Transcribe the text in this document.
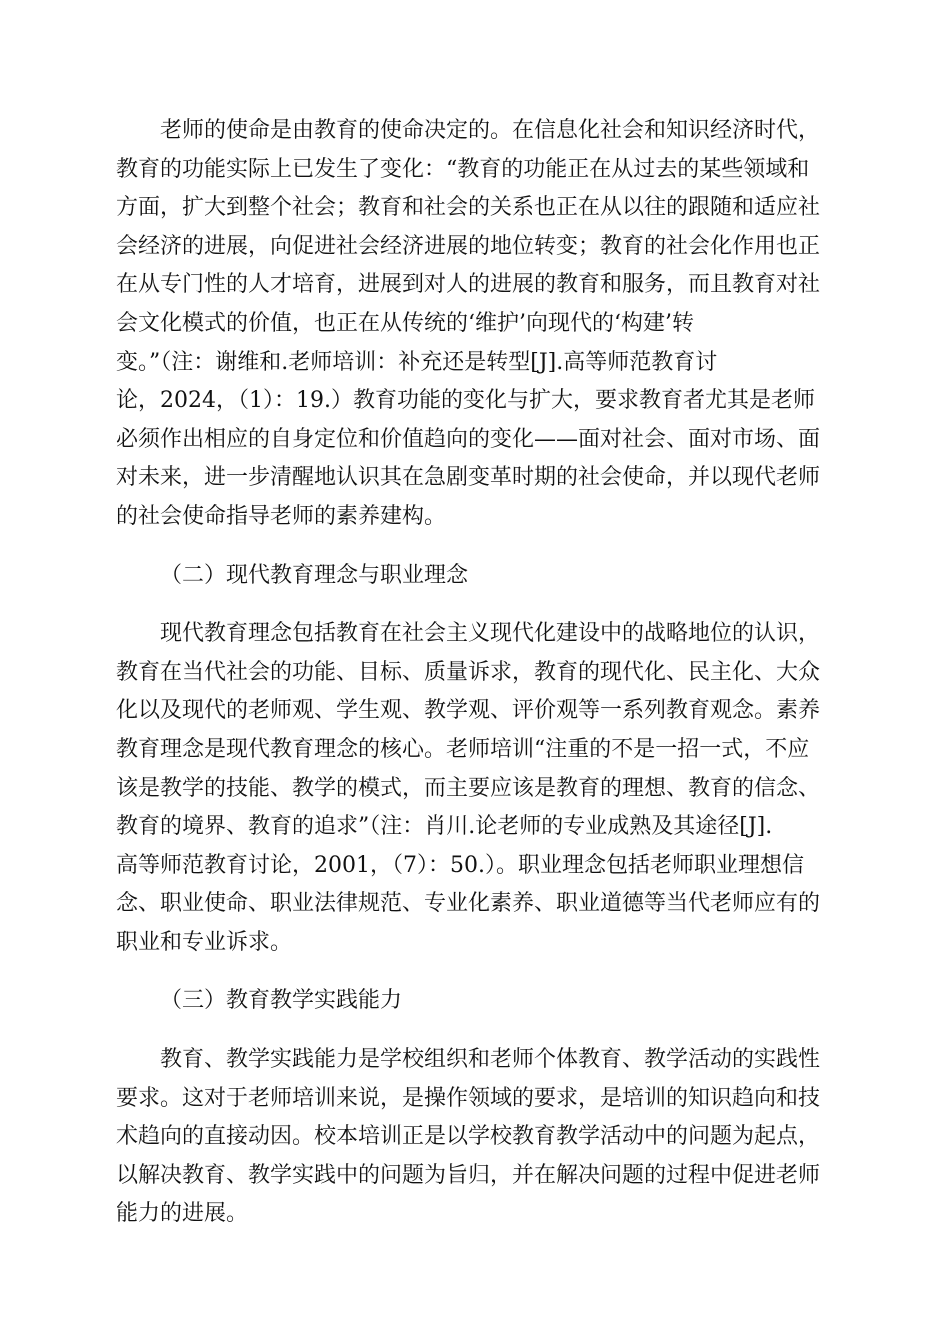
老师的使命是由教育的使命决定的。在信息化社会和知识经济时代，
教育的功能实际上已发生了变化：“教育的功能正在从过去的某些领域和
方面，扩大到整个社会；教育和社会的关系也正在从以往的跟随和适应社
会经济的进展，向促进社会经济进展的地位转变；教育的社会化作用也正
在从专门性的人才培育，进展到对人的进展的教育和服务，而且教育对社
会文化模式的价值，也正在从传统的‘维护’向现代的‘构建’转
变。”（注：谢维和.老师培训：补充还是转型[J].高等师范教育讨
论，2024，（1）：19.）教育功能的变化与扩大，要求教育者尤其是老师
必须作出相应的自身定位和价值趋向的变化——面对社会、面对市场、面
对未来，进一步清醒地认识其在急剧变革时期的社会使命，并以现代老师
的社会使命指导老师的素养建构。
（二）现代教育理念与职业理念
现代教育理念包括教育在社会主义现代化建设中的战略地位的认识，
教育在当代社会的功能、目标、质量诉求，教育的现代化、民主化、大众
化以及现代的老师观、学生观、教学观、评价观等一系列教育观念。素养
教育理念是现代教育理念的核心。老师培训“注重的不是一招一式，不应
该是教学的技能、教学的模式，而主要应该是教育的理想、教育的信念、
教育的境界、教育的追求”（注：肖川.论老师的专业成熟及其途径[J].
高等师范教育讨论，2001，（7）：50.）。职业理念包括老师职业理想信
念、职业使命、职业法律规范、专业化素养、职业道德等当代老师应有的
职业和专业诉求。
（三）教育教学实践能力
教育、教学实践能力是学校组织和老师个体教育、教学活动的实践性
要求。这对于老师培训来说，是操作领域的要求，是培训的知识趋向和技
术趋向的直接动因。校本培训正是以学校教育教学活动中的问题为起点，
以解决教育、教学实践中的问题为旨归，并在解决问题的过程中促进老师
能力的进展。
